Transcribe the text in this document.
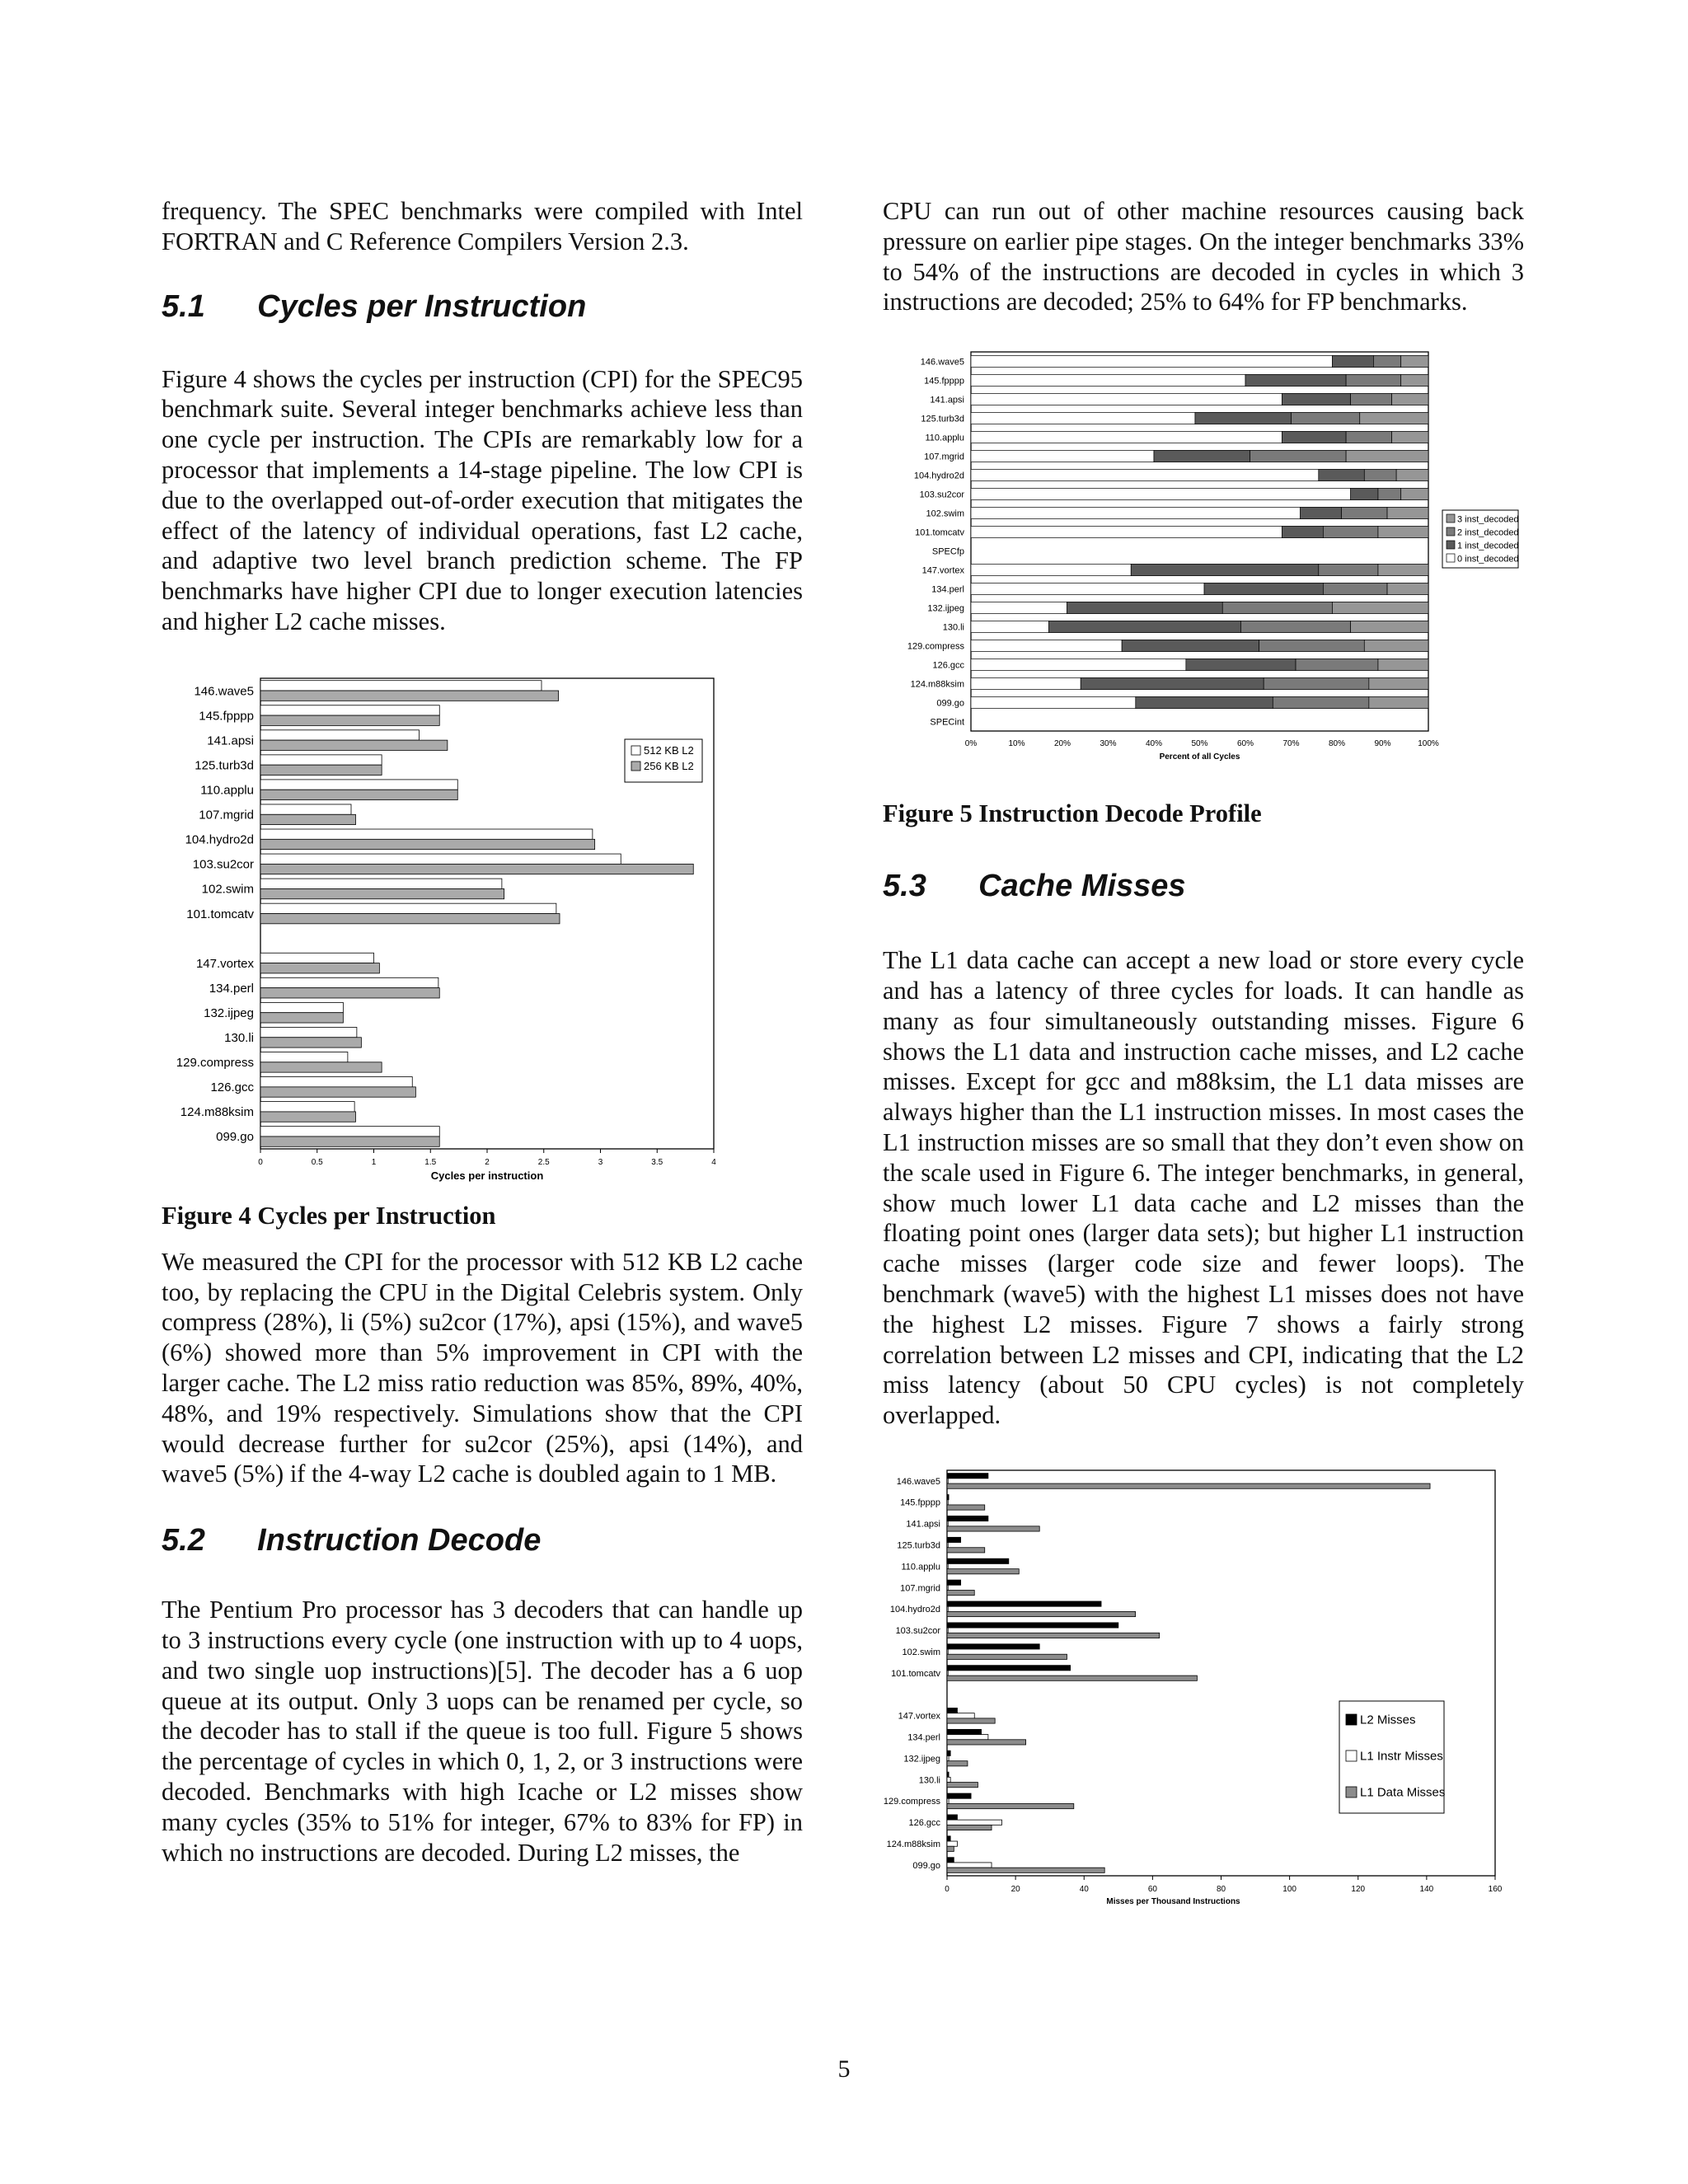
frequency. The SPEC benchmarks were compiled with Intel FORTRAN and C Reference Compilers Version 2.3.

5.1      Cycles per Instruction

Figure 4 shows the cycles per instruction (CPI) for the SPEC95 benchmark suite. Several integer benchmarks achieve less than one cycle per instruction. The CPIs are remarkably low for a processor that implements a 14-stage pipeline. The low CPI is due to the overlapped out-of-order execution that mitigates the effect of the latency of individual operations, fast L2 cache, and adaptive two level branch prediction scheme. The FP benchmarks have higher CPI due to longer execution latencies and higher L2 cache misses.

146.wave5
145.fpppp
141.apsi
125.turb3d
110.applu
107.mgrid
104.hydro2d
103.su2cor
102.swim
101.tomcatv
147.vortex
134.perl
132.ijpeg
130.li
129.compress
126.gcc
124.m88ksim
099.go
0	0.5	1	1.5	2	2.5	3	3.5	4
Cycles per instruction
512 KB L2
256 KB L2

Figure 4 Cycles per Instruction

We measured the CPI for the processor with 512 KB L2 cache too, by replacing the CPU in the Digital Celebris system. Only compress (28%), li (5%) su2cor (17%), apsi (15%), and wave5 (6%) showed more than 5% improvement in CPI with the larger cache. The L2 miss ratio reduction was 85%, 89%, 40%, 48%, and 19% respectively. Simulations show that the CPI would decrease further for su2cor (25%), apsi (14%), and wave5 (5%) if the 4-way L2 cache is doubled again to 1 MB.

5.2      Instruction Decode

The Pentium Pro processor has 3 decoders that can handle up to 3 instructions every cycle (one instruction with up to 4 uops, and two single uop instructions)[5]. The decoder has a 6 uop queue at its output. Only 3 uops can be renamed per cycle, so the decoder has to stall if the queue is too full. Figure 5 shows the percentage of cycles in which 0, 1, 2, or 3 instructions were decoded. Benchmarks with high Icache or L2 misses show many cycles (35% to 51% for integer, 67% to 83% for FP) in which no instructions are decoded. During L2 misses, the

CPU can run out of other machine resources causing back pressure on earlier pipe stages. On the integer benchmarks 33% to 54% of the instructions are decoded in cycles in which 3 instructions are decoded; 25% to 64% for FP benchmarks.

146.wave5
145.fpppp
141.apsi
125.turb3d
110.applu
107.mgrid
104.hydro2d
103.su2cor
102.swim
101.tomcatv
SPECfp
147.vortex
134.perl
132.ijpeg
130.li
129.compress
126.gcc
124.m88ksim
099.go
SPECint
0%	10%	20%	30%	40%	50%	60%	70%	80%	90%	100%
Percent of all Cycles
3 inst_decoded
2 inst_decoded
1 inst_decoded
0 inst_decoded

Figure 5 Instruction Decode Profile

5.3      Cache Misses

The L1 data cache can accept a new load or store every cycle and has a latency of three cycles for loads. It can handle as many as four simultaneously outstanding misses. Figure 6 shows the L1 data and instruction cache misses, and L2 cache misses. Except for gcc and m88ksim, the L1 data misses are always higher than the L1 instruction misses. In most cases the L1 instruction misses are so small that they don’t even show on the scale used in Figure 6. The integer benchmarks, in general, show much lower L1 data cache and L2 misses than the floating point ones (larger data sets); but higher L1 instruction cache misses (larger code size and fewer loops). The benchmark (wave5) with the highest L1 misses does not have the highest L2 misses. Figure 7 shows a fairly strong correlation between L2 misses and CPI, indicating that the L2 miss latency (about 50 CPU cycles) is not completely overlapped.

146.wave5
145.fpppp
141.apsi
125.turb3d
110.applu
107.mgrid
104.hydro2d
103.su2cor
102.swim
101.tomcatv
147.vortex
134.perl
132.ijpeg
130.li
129.compress
126.gcc
124.m88ksim
099.go
0	20	40	60	80	100	120	140	160
Misses per Thousand Instructions
L2 Misses
L1 Instr Misses
L1 Data Misses
5
